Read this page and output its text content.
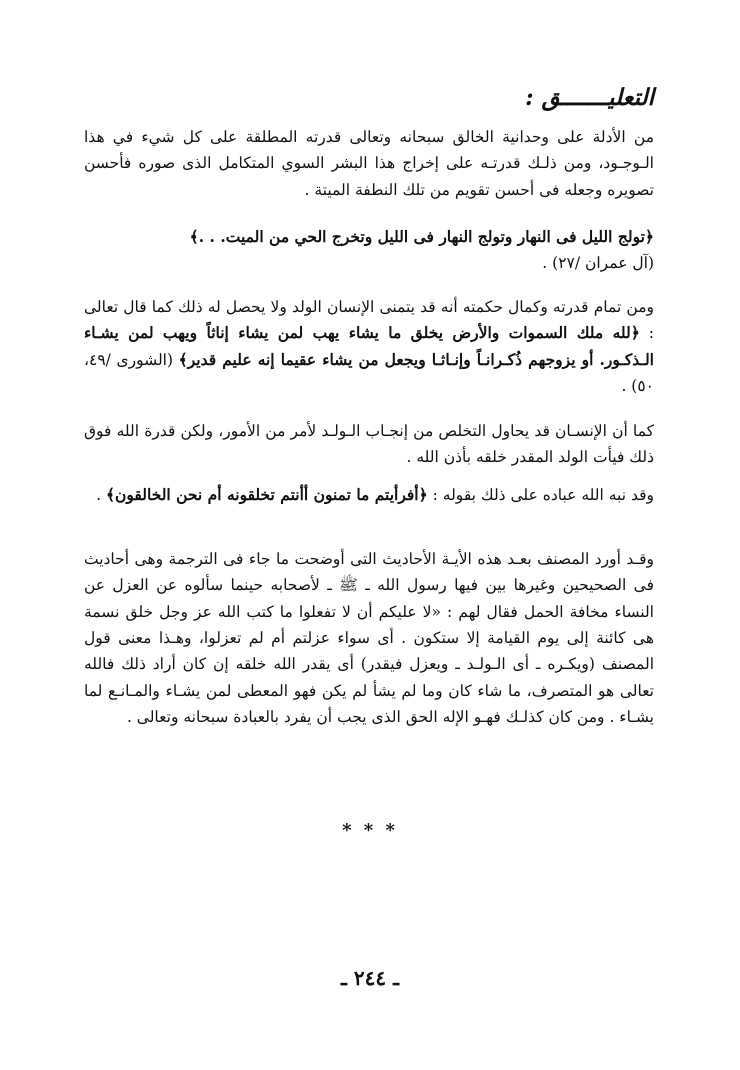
التعليـــــــق :
من الأدلة على وحدانية الخالق سبحانه وتعالى قدرته المطلقة على كل شيء في هذا الـوجـود، ومن ذلـك قدرتـه على إخراج هذا البشر السوي المتكامل الذى صوره فأحسن تصويره وجعله فى أحسن تقويم من تلك النطفة الميتة .
﴿تولج الليل فى النهار وتولج النهار فى الليل وتخرج الحي من الميت. . .﴾
(آل عمران /٢٧) .
ومن تمام قدرته وكمال حكمته أنه قد يتمنى الإنسان الولد ولا يحصل له ذلك كما قال تعالى : ﴿لله ملك السموات والأرض يخلق ما يشاء يهب لمن يشاء إناثاً ويهب لمن يشـاء الـذكـور. أو يزوجهم ذُكـرانـاً وإنـاثـا ويجعل من يشاء عقيما إنه عليم قدير﴾ (الشورى /٤٩، ٥٠) .
كما أن الإنسـان قد يحاول التخلص من إنجـاب الـولـد لأمر من الأمور، ولكن قدرة الله فوق ذلك فيأت الولد المقدر خلقه بأذن الله .
وقد نبه الله عباده على ذلك بقوله : ﴿أفرأيتم ما تمنون أأنتم تخلقونه أم نحن الخالقون﴾ .
وقـد أورد المصنف بعـد هذه الأيـة الأحاديث التى أوضحت ما جاء فى الترجمة وهى أحاديث فى الصحيحين وغيرها بين فيها رسول الله ـ ﷺ ـ لأصحابه حينما سألوه عن العزل عن النساء مخافة الحمل فقال لهم : «لا عليكم أن لا تفعلوا ما كتب الله عز وجل خلق نسمة هى كائنة إلى يوم القيامة إلا ستكون . أى سواء عزلتم أم لم تعزلوا، وهـذا معنى قول المصنف (ويكـره ـ أى الـولـد ـ ويعزل فيقدر) أى يقدر الله خلقه إن كان أراد ذلك فالله تعالى هو المتصرف، ما شاء كان وما لم يشأ لم يكن فهو المعطى لمن يشـاء والمـانـع لما يشـاء . ومن كان كذلـك فهـو الإله الحق الذى يجب أن يفرد بالعبادة سبحانه وتعالى .
* * *
ـ ٢٤٤ ـ
